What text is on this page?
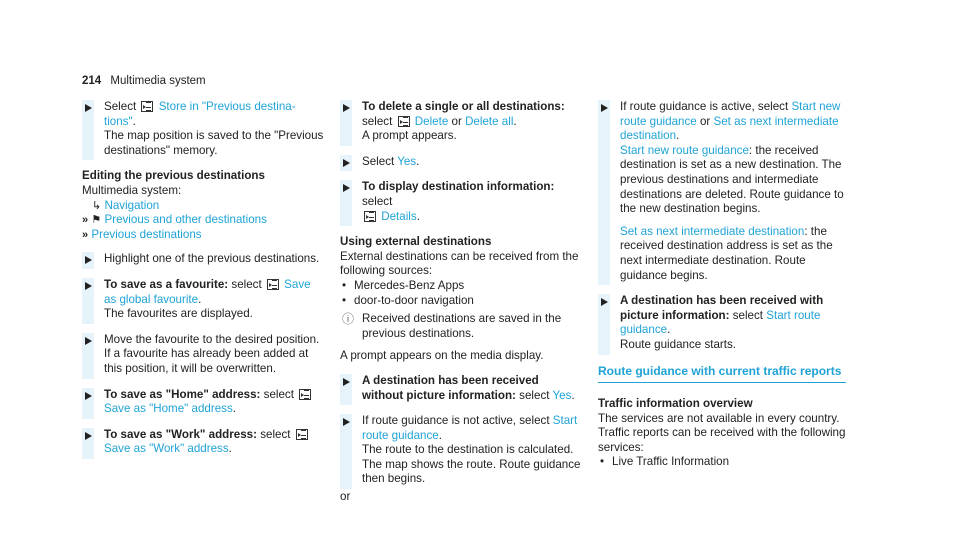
214 Multimedia system
Select Store in "Previous destina-tions".
The map position is saved to the "Previous destinations" memory.
Editing the previous destinations
Multimedia system:
↳ Navigation
» ⚑ Previous and other destinations
» Previous destinations
Highlight one of the previous destinations.
To save as a favourite: select Save as global favourite.
The favourites are displayed.
Move the favourite to the desired position. If a favourite has already been added at this position, it will be overwritten.
To save as "Home" address: select

Save as "Home" address.
To save as "Work" address: select

Save as "Work" address.
To delete a single or all destinations:
select Delete or Delete all.
A prompt appears.
Select Yes.
To display destination information: select

Details.
Using external destinations
External destinations can be received from the following sources:
• Mercedes-Benz Apps
• door-to-door navigation
ⓘ Received destinations are saved in the previous destinations.
A prompt appears on the media display.
A destination has been received without picture information: select Yes.
If route guidance is not active, select Start route guidance.
The route to the destination is calculated. The map shows the route. Route guidance then begins.
or
If route guidance is active, select Start new route guidance or Set as next intermediate destination.
Start new route guidance: the received destination is set as a new destination. The previous destinations and intermediate destinations are deleted. Route guidance to the new destination begins.
Set as next intermediate destination: the received destination address is set as the next intermediate destination. Route guidance begins.
A destination has been received with picture information: select Start route guidance.
Route guidance starts.
Route guidance with current traffic reports
Traffic information overview
The services are not available in every country.
Traffic reports can be received with the following services:
• Live Traffic Information
